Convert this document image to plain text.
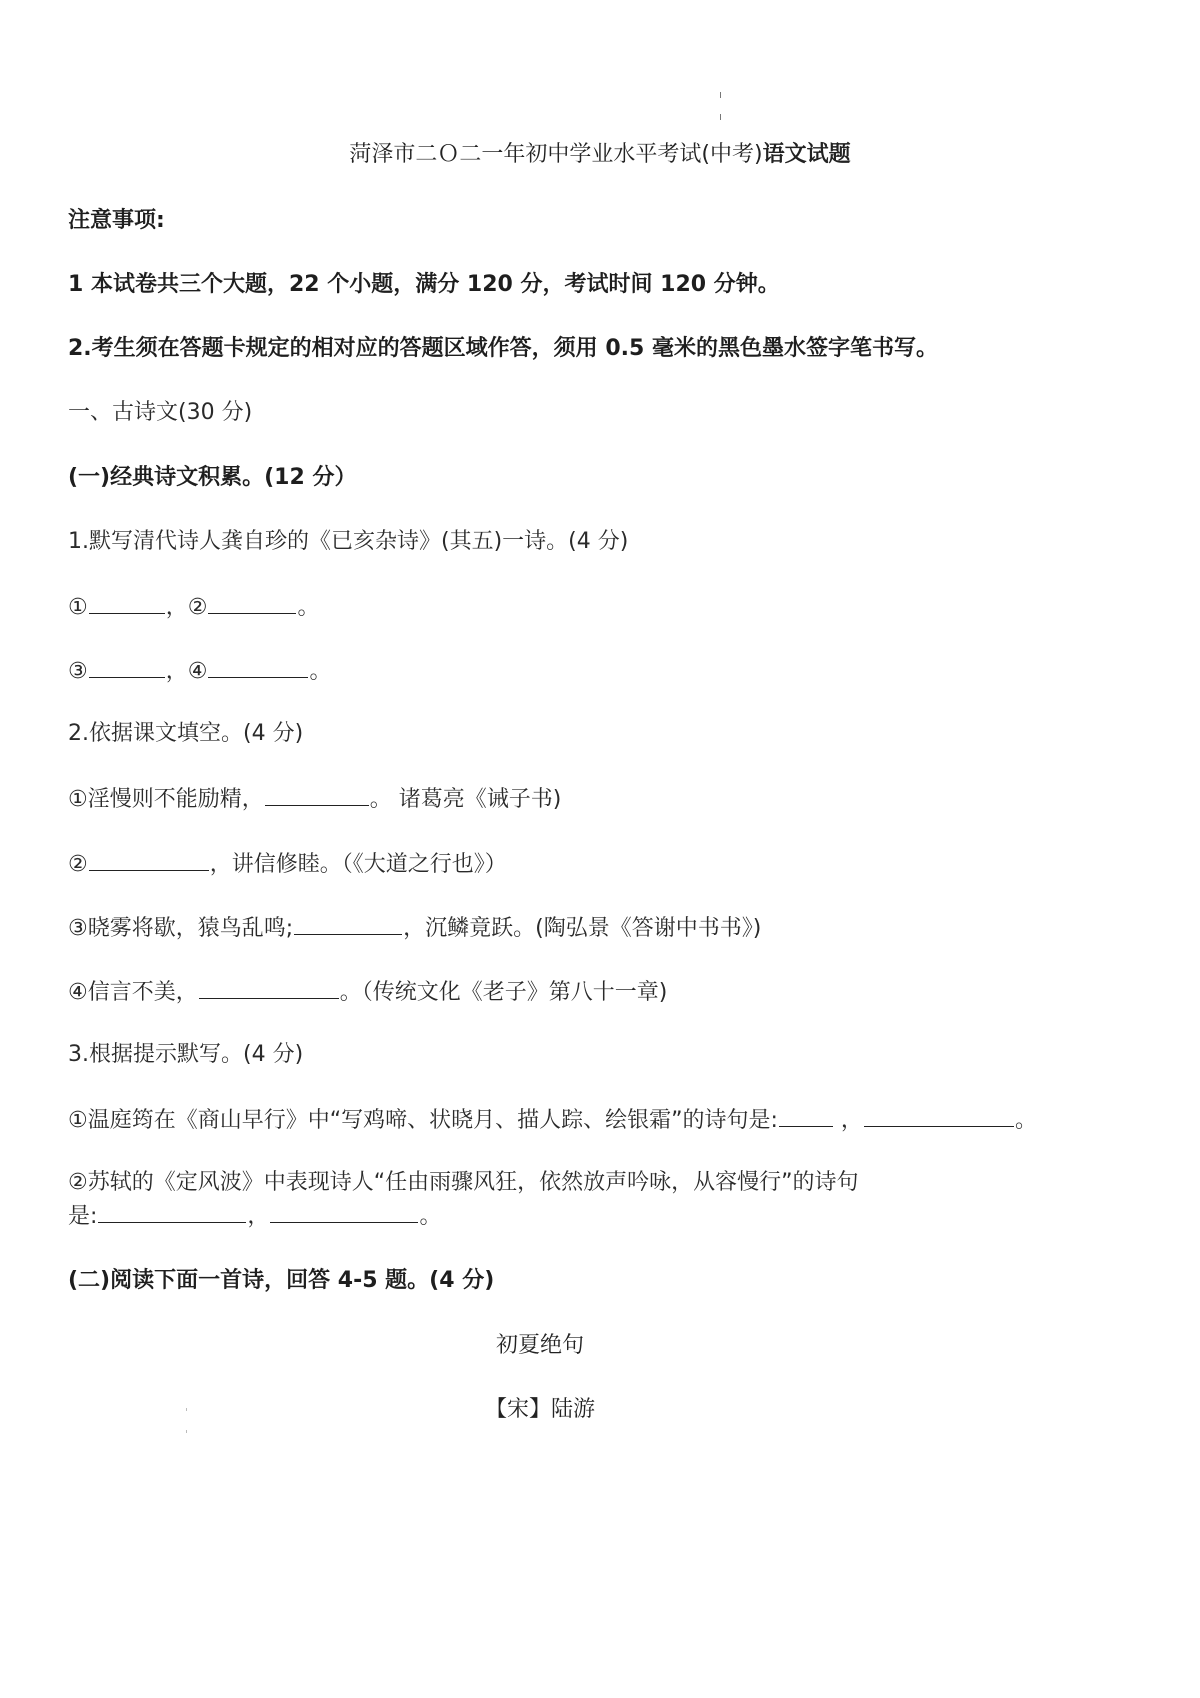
菏泽市二Ｏ二一年初中学业水平考试(中考)语文试题
注意事项:
1 本试卷共三个大题，22 个小题，满分 120 分，考试时间 120 分钟。
2.考生须在答题卡规定的相对应的答题区域作答，须用 0.5 毫米的黑色墨水签字笔书写。
一、古诗文(30 分)
(一)经典诗文积累。(12 分）
1.默写清代诗人龚自珍的《已亥杂诗》(其五)一诗。(4 分)
①	，②	。
③	，④	。
2.依据课文填空。(4 分)
①淫慢则不能励精，	。 诸葛亮《诫子书)
②	，讲信修睦。（《大道之行也》）
③晓雾将歇，猿鸟乱鸣;	，沉鳞竟跃。(陶弘景《答谢中书书》)
④信言不美，	。（传统文化《老子》第八十一章)
3.根据提示默写。(4 分)
①温庭筠在《商山早行》中“写鸡啼、状晓月、描人踪、绘银霜”的诗句是:	，	。
②苏轼的《定风波》中表现诗人“任由雨骤风狂，依然放声吟咏，从容慢行”的诗句
是:	，	。
(二)阅读下面一首诗，回答 4-5 题。(4 分)
初夏绝句
【宋】陆游
